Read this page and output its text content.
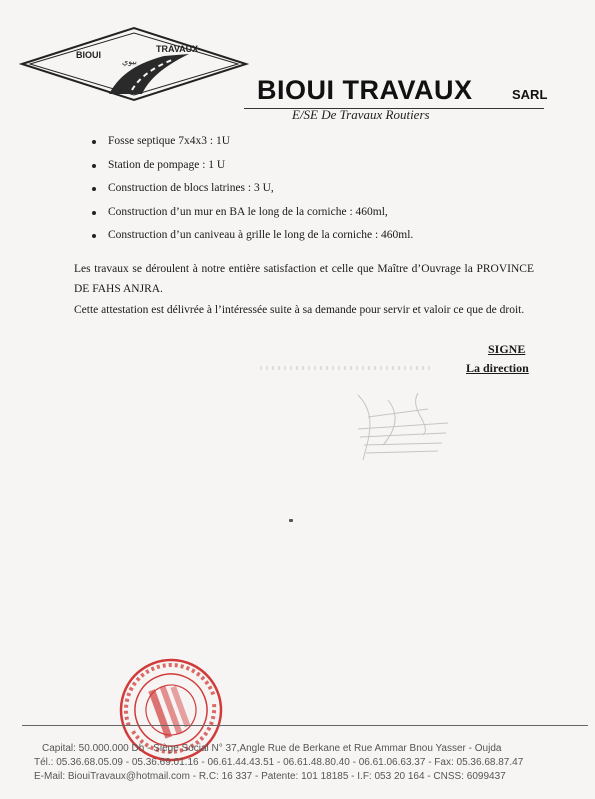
BIOUI
TRAVAUX
بيوي
BIOUI TRAVAUX	SARL
E/SE De Travaux Routiers
Fosse septique 7x4x3 : 1U
Station de pompage : 1 U
Construction de blocs latrines : 3 U,
Construction d’un mur en BA le long de la corniche : 460ml,
Construction d’un caniveau à grille le long de la corniche : 460ml.
Les travaux se déroulent à notre entière satisfaction et celle que Maître d’Ouvrage la PROVINCE DE FAHS ANJRA.
Cette attestation est délivrée à l’intéressée suite à sa demande pour servir et valoir ce que de droit.
SIGNE
La direction
Capital: 50.000.000 Dh - Siège Social N° 37,Angle Rue de Berkane et Rue Ammar Bnou Yasser - Oujda
Tél.: 05.36.68.05.09 - 05.36.69.01.16 - 06.61.44.43.51 - 06.61.48.80.40 - 06.61.06.63.37 - Fax: 05.36.68.87.47
E-Mail: BiouiTravaux@hotmail.com - R.C: 16 337 - Patente: 101 18185 - I.F: 053 20 164 - CNSS: 6099437
